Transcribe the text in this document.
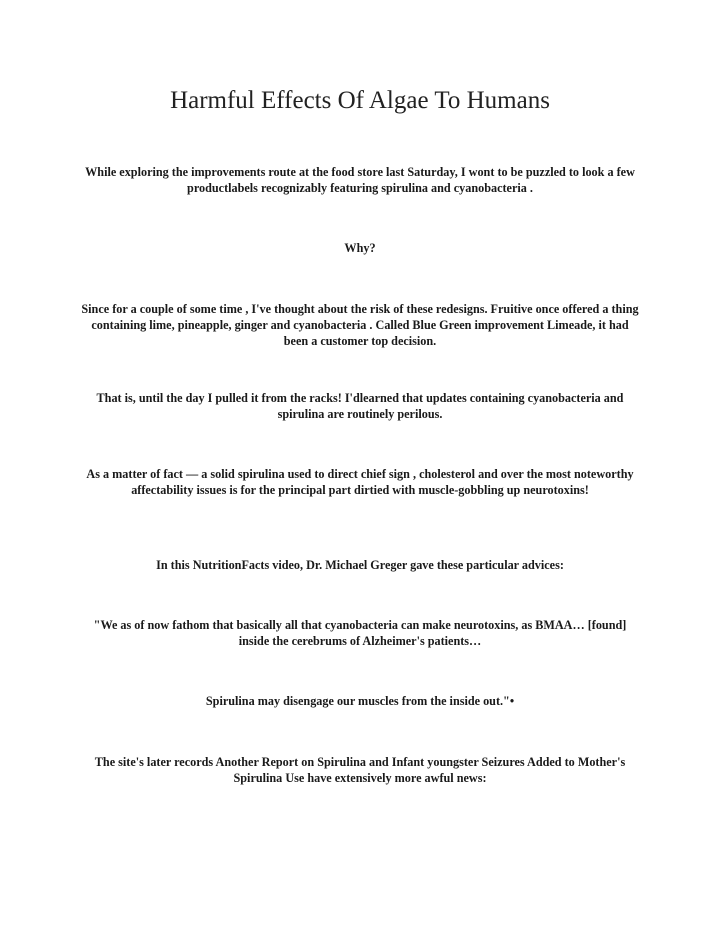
Harmful Effects Of Algae To Humans

While exploring the improvements route at the food store last Saturday, I wont to be puzzled to look a few productlabels recognizably featuring spirulina and cyanobacteria .

Why?

Since for a couple of some time , I've thought about the risk of these redesigns. Fruitive once offered a thing containing lime, pineapple, ginger and cyanobacteria . Called Blue Green improvement Limeade, it had been a customer top decision.

That is, until the day I pulled it from the racks! I'dlearned that updates containing cyanobacteria and spirulina are routinely perilous.

As a matter of fact — a solid spirulina used to direct chief sign , cholesterol and over the most noteworthy affectability issues is for the principal part dirtied with muscle-gobbling up neurotoxins!

In this NutritionFacts video, Dr. Michael Greger gave these particular advices:

"We as of now fathom that basically all that cyanobacteria can make neurotoxins, as BMAA… [found] inside the cerebrums of Alzheimer's patients…

Spirulina may disengage our muscles from the inside out."•

The site's later records Another Report on Spirulina and Infant youngster Seizures Added to Mother's Spirulina Use have extensively more awful news:
